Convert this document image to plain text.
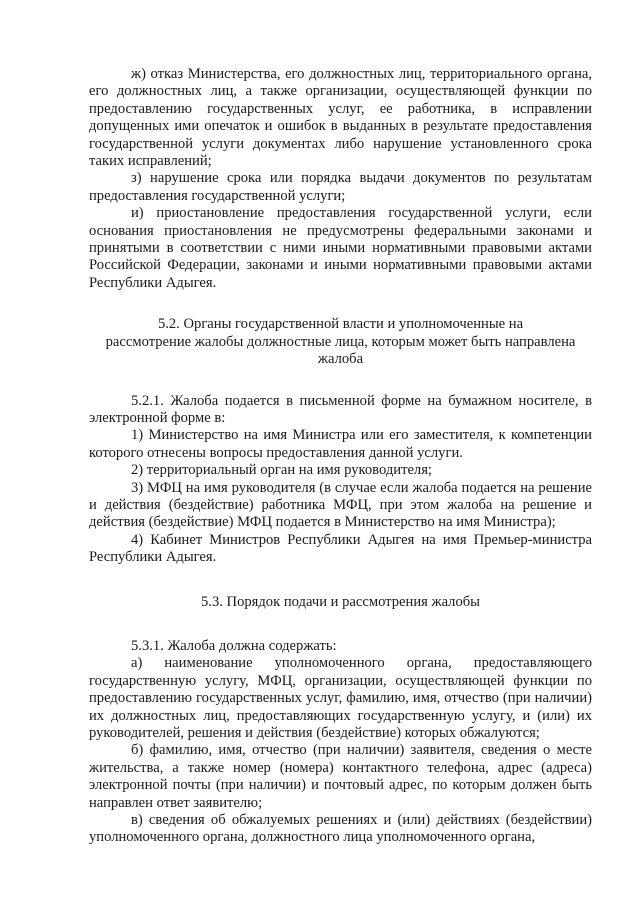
ж) отказ Министерства, его должностных лиц, территориального органа, его должностных лиц, а также организации, осуществляющей функции по предоставлению государственных услуг, ее работника, в исправлении допущенных ими опечаток и ошибок в выданных в результате предоставления государственной услуги документах либо нарушение установленного срока таких исправлений;

з) нарушение срока или порядка выдачи документов по результатам предоставления государственной услуги;

и) приостановление предоставления государственной услуги, если основания приостановления не предусмотрены федеральными законами и принятыми в соответствии с ними иными нормативными правовыми актами Российской Федерации, законами и иными нормативными правовыми актами Республики Адыгея.

5.2. Органы государственной власти и уполномоченные на
рассмотрение жалобы должностные лица, которым может быть направлена
жалоба

5.2.1. Жалоба подается в письменной форме на бумажном носителе, в электронной форме в:

1) Министерство на имя Министра или его заместителя, к компетенции которого отнесены вопросы предоставления данной услуги.

2) территориальный орган на имя руководителя;

3) МФЦ на имя руководителя (в случае если жалоба подается на решение и действия (бездействие) работника МФЦ, при этом жалоба на решение и действия (бездействие) МФЦ подается в Министерство на имя Министра);

4) Кабинет Министров Республики Адыгея на имя Премьер-министра Республики Адыгея.

5.3. Порядок подачи и рассмотрения жалобы

5.3.1. Жалоба должна содержать:

а) наименование уполномоченного органа, предоставляющего государственную услугу, МФЦ, организации, осуществляющей функции по предоставлению государственных услуг, фамилию, имя, отчество (при наличии) их должностных лиц, предоставляющих государственную услугу, и (или) их руководителей, решения и действия (бездействие) которых обжалуются;

б) фамилию, имя, отчество (при наличии) заявителя, сведения о месте жительства, а также номер (номера) контактного телефона, адрес (адреса) электронной почты (при наличии) и почтовый адрес, по которым должен быть направлен ответ заявителю;

в) сведения об обжалуемых решениях и (или) действиях (бездействии) уполномоченного органа, должностного лица уполномоченного органа,
